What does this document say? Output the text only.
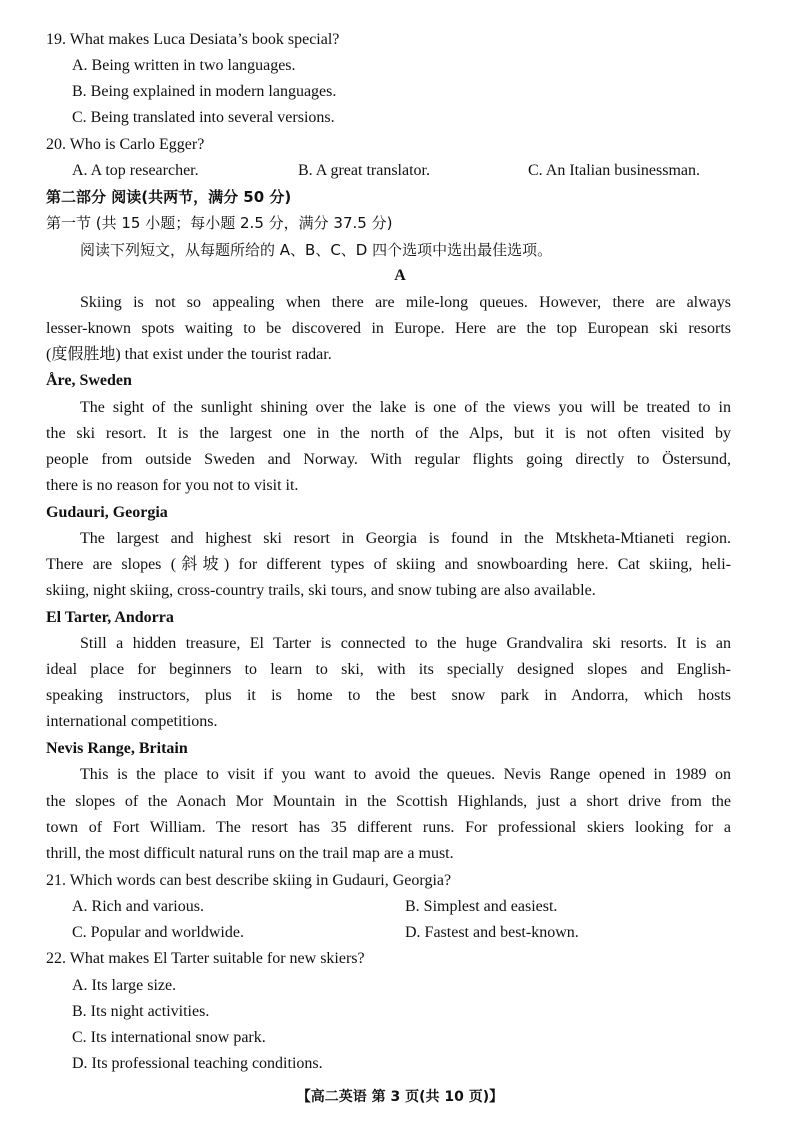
19. What makes Luca Desiata’s book special?
A. Being written in two languages.
B. Being explained in modern languages.
C. Being translated into several versions.
20. Who is Carlo Egger?
A. A top researcher.	B. A great translator.	C. An Italian businessman.
第二部分 阅读(共两节，满分 50 分)
第一节 (共 15 小题；每小题 2.5 分，满分 37.5 分)
阅读下列短文，从每题所给的 A、B、C、D 四个选项中选出最佳选项。
A
Skiing is not so appealing when there are mile-long queues. However, there are always
lesser-known spots waiting to be discovered in Europe. Here are the top European ski resorts
(度假胜地) that exist under the tourist radar.
Åre, Sweden
The sight of the sunlight shining over the lake is one of the views you will be treated to in
the ski resort. It is the largest one in the north of the Alps, but it is not often visited by
people from outside Sweden and Norway. With regular flights going directly to Östersund,
there is no reason for you not to visit it.
Gudauri, Georgia
The largest and highest ski resort in Georgia is found in the Mtskheta-Mtianeti region.
There are slopes (斜坡) for different types of skiing and snowboarding here. Cat skiing, heli-
skiing, night skiing, cross-country trails, ski tours, and snow tubing are also available.
El Tarter, Andorra
Still a hidden treasure, El Tarter is connected to the huge Grandvalira ski resorts. It is an
ideal place for beginners to learn to ski, with its specially designed slopes and English-
speaking instructors, plus it is home to the best snow park in Andorra, which hosts
international competitions.
Nevis Range, Britain
This is the place to visit if you want to avoid the queues. Nevis Range opened in 1989 on
the slopes of the Aonach Mor Mountain in the Scottish Highlands, just a short drive from the
town of Fort William. The resort has 35 different runs. For professional skiers looking for a
thrill, the most difficult natural runs on the trail map are a must.
21. Which words can best describe skiing in Gudauri, Georgia?
A. Rich and various.	B. Simplest and easiest.
C. Popular and worldwide.	D. Fastest and best-known.
22. What makes El Tarter suitable for new skiers?
A. Its large size.
B. Its night activities.
C. Its international snow park.
D. Its professional teaching conditions.
【高二英语 第 3 页(共 10 页)】
